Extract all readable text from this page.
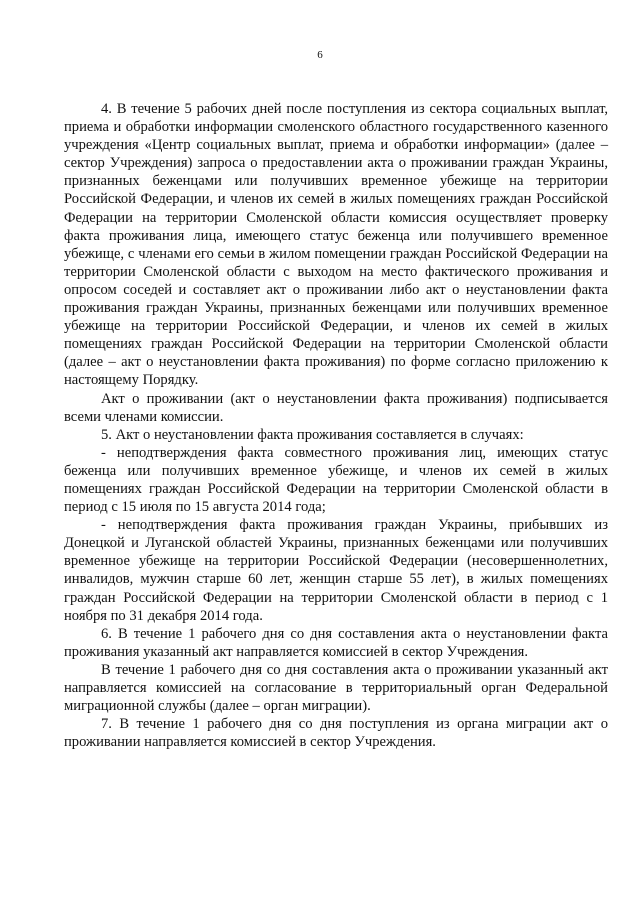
6

4. В течение 5 рабочих дней после поступления из сектора социальных выплат, приема и обработки информации смоленского областного государственного казенного учреждения «Центр социальных выплат, приема и обработки информации» (далее – сектор Учреждения) запроса о предоставлении акта о проживании граждан Украины, признанных беженцами или получивших временное убежище на территории Российской Федерации, и членов их семей в жилых помещениях граждан Российской Федерации на территории Смоленской области комиссия осуществляет проверку факта проживания лица, имеющего статус беженца или получившего временное убежище, с членами его семьи в жилом помещении граждан Российской Федерации на территории Смоленской области с выходом на место фактического проживания и опросом соседей и составляет акт о проживании либо акт о неустановлении факта проживания граждан Украины, признанных беженцами или получивших временное убежище на территории Российской Федерации, и членов их семей в жилых помещениях граждан Российской Федерации на территории Смоленской области (далее – акт о неустановлении факта проживания) по форме согласно приложению к настоящему Порядку.

Акт о проживании (акт о неустановлении факта проживания) подписывается всеми членами комиссии.

5. Акт о неустановлении факта проживания составляется в случаях:

- неподтверждения факта совместного проживания лиц, имеющих статус беженца или получивших временное убежище, и членов их семей в жилых помещениях граждан Российской Федерации на территории Смоленской области в период с 15 июля по 15 августа 2014 года;

- неподтверждения факта проживания граждан Украины, прибывших из Донецкой и Луганской областей Украины, признанных беженцами или получивших временное убежище на территории Российской Федерации (несовершеннолетних, инвалидов, мужчин старше 60 лет, женщин старше 55 лет), в жилых помещениях граждан Российской Федерации на территории Смоленской области в период с 1 ноября по 31 декабря 2014 года.

6. В течение 1 рабочего дня со дня составления акта о неустановлении факта проживания указанный акт направляется комиссией в сектор Учреждения.

В течение 1 рабочего дня со дня составления акта о проживании указанный акт направляется комиссией на согласование в территориальный орган Федеральной миграционной службы (далее – орган миграции).

7. В течение 1 рабочего дня со дня поступления из органа миграции акт о проживании направляется комиссией в сектор Учреждения.
